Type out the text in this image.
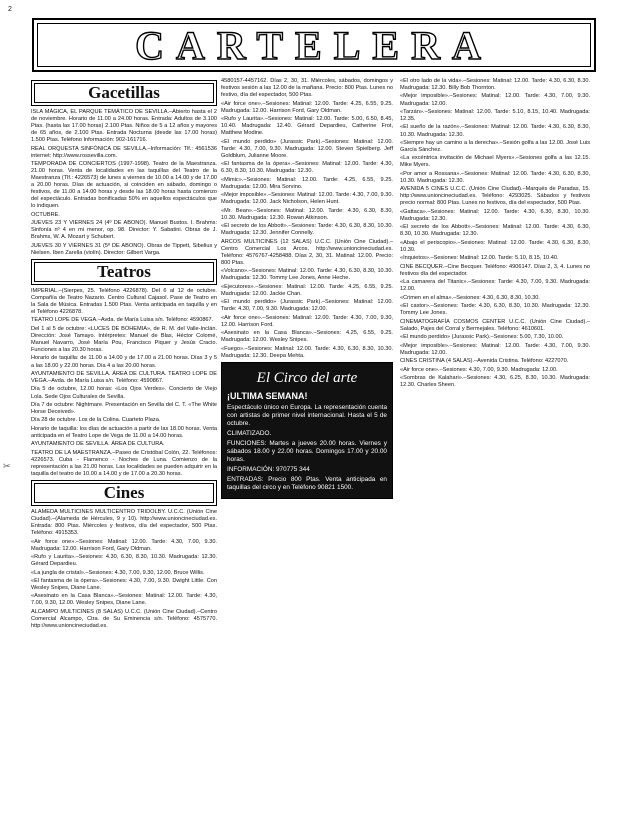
2
CARTELERA
✂
Gacetillas

ISLA MÁGICA, EL PARQUE TEMÁTICO DE SEVILLA.–Abierto hasta el 2 de noviembre. Horario de 11.00 a 24.00 horas. Entrada: Adultos de 3.100 Ptas. (hasta las 17.00 horas) 2.100 Ptas. Niños de 5 a 12 años y mayores de 65 años, de 2.100 Ptas. Entrada Nocturna (desde las 17.00 horas) 1.500 Ptas. Teléfono Información: 902-161716.

REAL ORQUESTA SINFÓNICA DE SEVILLA.–Información: Tlf.: 4561536 internet: http://www.rossevilla.com.

TEMPORADA DE CONCIERTOS (1997-1998). Teatro de la Maestranza. 21.00 horas. Venta de localidades en las taquillas del Teatro de la Maestranza (Tlf.: 4226573) de lunes a viernes de 10.00 a 14.00 y de 17.00 a 20.00 horas. Días de actuación, si coinciden en sábado, domingo o festivos, de 11.00 a 14.00 horas y desde las 18.00 horas hasta comienzo del espectáculo. Entradas bonificadas 50% en aquellos espectáculos que lo indiquen.

OCTUBRE.

JUEVES 23 Y VIERNES 24 (4º DE ABONO). Manuel Bustos. I. Brahms: Sinfonía nº 4 en mi menor, op. 98. Director: Y. Sabatini. Obras de J. Brahms, W. A. Mozart y Schubert.

JUEVES 30 Y VIERNES 31 (5º DE ABONO). Obras de Tippett, Sibelius y Nielsen. Iben Zarella (violín). Director: Gilbert Varga.

Teatros

IMPERIAL.–(Sierpes, 25. Teléfono 4226878). Del 6 al 12 de octubre. Compañía de Teatro Nazario. Centro Cultural Cajasol. Pase de Teatro en la Sala de Música. Entradas 1.500 Ptas. Venta anticipada en taquilla y en el Teléfono 4226878.

TEATRO LOPE DE VEGA.–Avda. de María Luisa s/n. Teléfono: 4590867.

Del 1 al 5 de octubre: «LUCES DE BOHEMIA», de R. M. del Valle-Inclán. Dirección: José Tamayo. Intérpretes: Manuel de Blas, Héctor Colomé, Manuel Navarro, José María Pou, Francisco Piquer y Jesús Cracio. Funciones a las 20.30 horas.

Horario de taquilla: de 11.00 a 14.00 y de 17.00 a 21.00 horas. Días 3 y 5 a las 18.00 y 22.00 horas. Día 4 a las 20.00 horas.

AYUNTAMIENTO DE SEVILLA. ÁREA DE CULTURA. TEATRO LOPE DE VEGA.–Avda. de María Luisa s/n. Teléfono: 4590867.

Día 5 de octubre, 12.00 horas: «Los Ojos Verdes». Concierto de Viejo Lola. Sede Ojos Culturales de Sevilla.

Día 7 de octubre: Nightmare. Presentación en Sevilla del C. T. «The White Horse Deceived».

Día 28 de octubre. Los de la Colina. Cuarteto Plaza.

Horario de taquilla: los días de actuación a partir de las 18.00 horas. Venta anticipada en el Teatro Lope de Vega de 11.00 a 14.00 horas.

AYUNTAMIENTO DE SEVILLA. ÁREA DE CULTURA.

TEATRO DE LA MAESTRANZA.–Paseo de Cristóbal Colón, 22. Teléfonos: 4226573. Cuba - Flamenco - Noches de Luna. Comienzo de la representación a las 21.00 horas. Las localidades se pueden adquirir en la taquilla del teatro de 10.00 a 14.00 y de 17.00 a 20.30 horas.

Cines

ALAMEDA MULTICINES MULTICENTRO TRIDOLBY. U.C.C. (Unión Cine Ciudad).–(Alameda de Hércules, 9 y 10). http://www.unioncineciudad.es. Entrada: 800 Ptas. Miércoles y festivos, día del espectador, 500 Ptas. Teléfono: 4915353.

«Air force one».–Sesiones: Matinal: 12.00. Tarde: 4.30, 7.00, 9.30. Madrugada: 12.00. Harrison Ford, Gary Oldman.

«Rufo y Laurita».–Sesiones: 4.30, 6.30, 8.30, 10.30. Madrugada: 12.30. Gérard Depardieu.

«La jungla de cristal».–Sesiones: 4.30, 7.00, 9.30, 12.00. Bruce Willis.

«El fantasma de la ópera».–Sesiones: 4.30, 7.00, 9.30. Dwight Little. Con Wesley Snipes, Diane Lane.

«Asesinato en la Casa Blanca».–Sesiones: Matinal: 12.00. Tarde: 4.30, 7.00, 9.30, 12.00. Wesley Snipes, Diane Lane.

ALCAMPO MULTICINES (8 SALAS) U.C.C. (Unión Cine Ciudad).–Centro Comercial Alcampo, Ctra. de Su Eminencia s/n. Teléfono: 4575770. http://www.unioncineciudad.es.

4580157-4457162. Días 2, 30, 31. Miércoles, sábados, domingos y festivos sesión a las 12.00 de la mañana. Precio: 800 Ptas. Lunes no festivo, día del espectador, 500 Ptas.

«Air force one».–Sesiones: Matinal: 12.00. Tarde: 4.25, 6.55, 9.25. Madrugada: 12.00. Harrison Ford, Gary Oldman.

«Rufo y Laurita».–Sesiones: Matinal: 12.00. Tarde: 5.00, 6.50, 8.45, 10.40. Madrugada: 12.40. Gérard Depardieu, Catherine Frot, Matthew Modine.

«El mundo perdido» (Jurassic Park).–Sesiones: Matinal: 12.00. Tarde: 4.30, 7.00, 9.30. Madrugada: 12.00. Steven Spielberg. Jeff Goldblum, Julianne Moore.

«El fantasma de la ópera».–Sesiones: Matinal: 12.00. Tarde: 4.30, 6.30, 8.30, 10.30. Madrugada: 12.30.

«Mimic».–Sesiones: Matinal: 12.00. Tarde: 4.25, 6.55, 9.25. Madrugada: 12.00. Mira Sorvino.

«Mejor imposible».–Sesiones: Matinal: 12.00. Tarde: 4.30, 7.00, 9.30. Madrugada: 12.00. Jack Nicholson, Helen Hunt.

«Mr. Bean».–Sesiones: Matinal: 12.00. Tarde: 4.30, 6.30, 8.30, 10.30. Madrugada: 12.30. Rowan Atkinson.

«El secreto de los Abbott».–Sesiones: Tarde: 4.30, 6.30, 8.30, 10.30. Madrugada: 12.30. Jennifer Connelly.

ARCOS MULTICINES (12 SALAS) U.C.C. (Unión Cine Ciudad).–Centro Comercial Los Arcos. http://www.unioncineciudad.es. Teléfono: 4576767-4258488. Días 2, 30, 31. Matinal: 12.00. Precio: 800 Ptas.

«Volcano».–Sesiones: Matinal: 12.00. Tarde: 4.30, 6.30, 8.30, 10.30. Madrugada: 12.30. Tommy Lee Jones, Anne Heche.

«Ejecutores».–Sesiones: Matinal: 12.00. Tarde: 4.25, 6.55, 9.25. Madrugada: 12.00. Jackie Chan.

«El mundo perdido» (Jurassic Park).–Sesiones: Matinal: 12.00. Tarde: 4.30, 7.00, 9.30. Madrugada: 12.00.

«Air force one».–Sesiones: Matinal: 12.00. Tarde: 4.30, 7.00, 9.30, 12.00. Harrison Ford.

«Asesinato en la Casa Blanca».–Sesiones: 4.25, 6.55, 9.25. Madrugada: 12.00. Wesley Snipes.

«Fuego».–Sesiones: Matinal: 12.00. Tarde: 4.30, 6.30, 8.30, 10.30. Madrugada: 12.30. Deepa Mehta.

El Circo del arte

¡ULTIMA SEMANA!

Espectáculo único en Europa. La representación cuenta con artistas de primer nivel internacional. Hasta el 5 de octubre.

CLIMATIZADO.

FUNCIONES: Martes a jueves 20.00 horas. Viernes y sábados 18.00 y 22.00 horas. Domingos 17.00 y 20.00 horas.

INFORMACIÓN: 970775 344

ENTRADAS: Precio 800 Ptas. Venta anticipada en taquillas del circo y en Teléfono 90821 1500.

«El otro lado de la vida».–Sesiones: Matinal: 12.00. Tarde: 4.30, 6.30, 8.30. Madrugada: 12.30. Billy Bob Thornton.

«Mejor imposible».–Sesiones: Matinal: 12.00. Tarde: 4.30, 7.00, 9.30. Madrugada: 12.00.

«Tarzán».–Sesiones: Matinal: 12.00. Tarde: 5.10, 8.15, 10.40. Madrugada: 12.35.

«El sueño de la razón».–Sesiones: Matinal: 12.00. Tarde: 4.30, 6.30, 8.30, 10.30. Madrugada: 12.30.

«Siempre hay un camino a la derecha».–Sesión golfa a las 12.00. José Luis García Sánchez.

«La excéntrica invitación de Michael Myers».–Sesiones golfa a las 12.15. Mike Myers.

«Por amor a Rossana».–Sesiones: Matinal: 12.00. Tarde: 4.30, 6.30, 8.30, 10.30. Madrugada: 12.30.

AVENIDA 5 CINES U.C.C. (Unión Cine Ciudad).–Marqués de Paradas, 15. http://www.unioncineciudad.es. Teléfono: 4293025. Sábados y festivos precio normal: 800 Ptas. Lunes no festivos, día del espectador, 500 Ptas.

«Gattaca».–Sesiones: Matinal: 12.00. Tarde: 4.30, 6.30, 8.30, 10.30. Madrugada: 12.30.

«El secreto de los Abbott».–Sesiones: Matinal: 12.00. Tarde: 4.30, 6.30, 8.30, 10.30. Madrugada: 12.30.

«Abajo el periscopio».–Sesiones: Matinal: 12.00. Tarde: 4.30, 6.30, 8.30, 10.30.

«Inquietos».–Sesiones: Matinal: 12.00. Tarde: 5.10, 8.15, 10.40.

CINE BECQUER.–Cine Becquer. Teléfono: 4906147. Días 2, 3, 4. Lunes no festivos día del espectador.

«La camarera del Titanic».–Sesiones: Tarde: 4.30, 7.00, 9.30. Madrugada: 12.00.

«Crimen en el alma».–Sesiones: 4.30, 6.30, 8.30, 10.30.

«El castor».–Sesiones: Tarde: 4.30, 6.30, 8.30, 10.30. Madrugada: 12.30. Tommy Lee Jones.

CINEMATOGRAFÍA COSMOS CENTER U.C.C. (Unión Cine Ciudad).–Salado, Pajes del Corral y Bermejales. Teléfono: 4610601.

«El mundo perdido» (Jurassic Park).–Sesiones: 5.00, 7.30, 10.00.

«Mejor imposible».–Sesiones: Matinal: 12.00. Tarde: 4.30, 7.00, 9.30. Madrugada: 12.00.

CINES CRISTINA (4 SALAS).–Avenida Cristina. Teléfono: 4227070.

«Air force one».–Sesiones: 4.30, 7.00, 9.30. Madrugada: 12.00.

«Sombras de Kalahari».–Sesiones: 4.30, 6.25, 8.30, 10.30. Madrugada: 12.30. Charles Sheen.
